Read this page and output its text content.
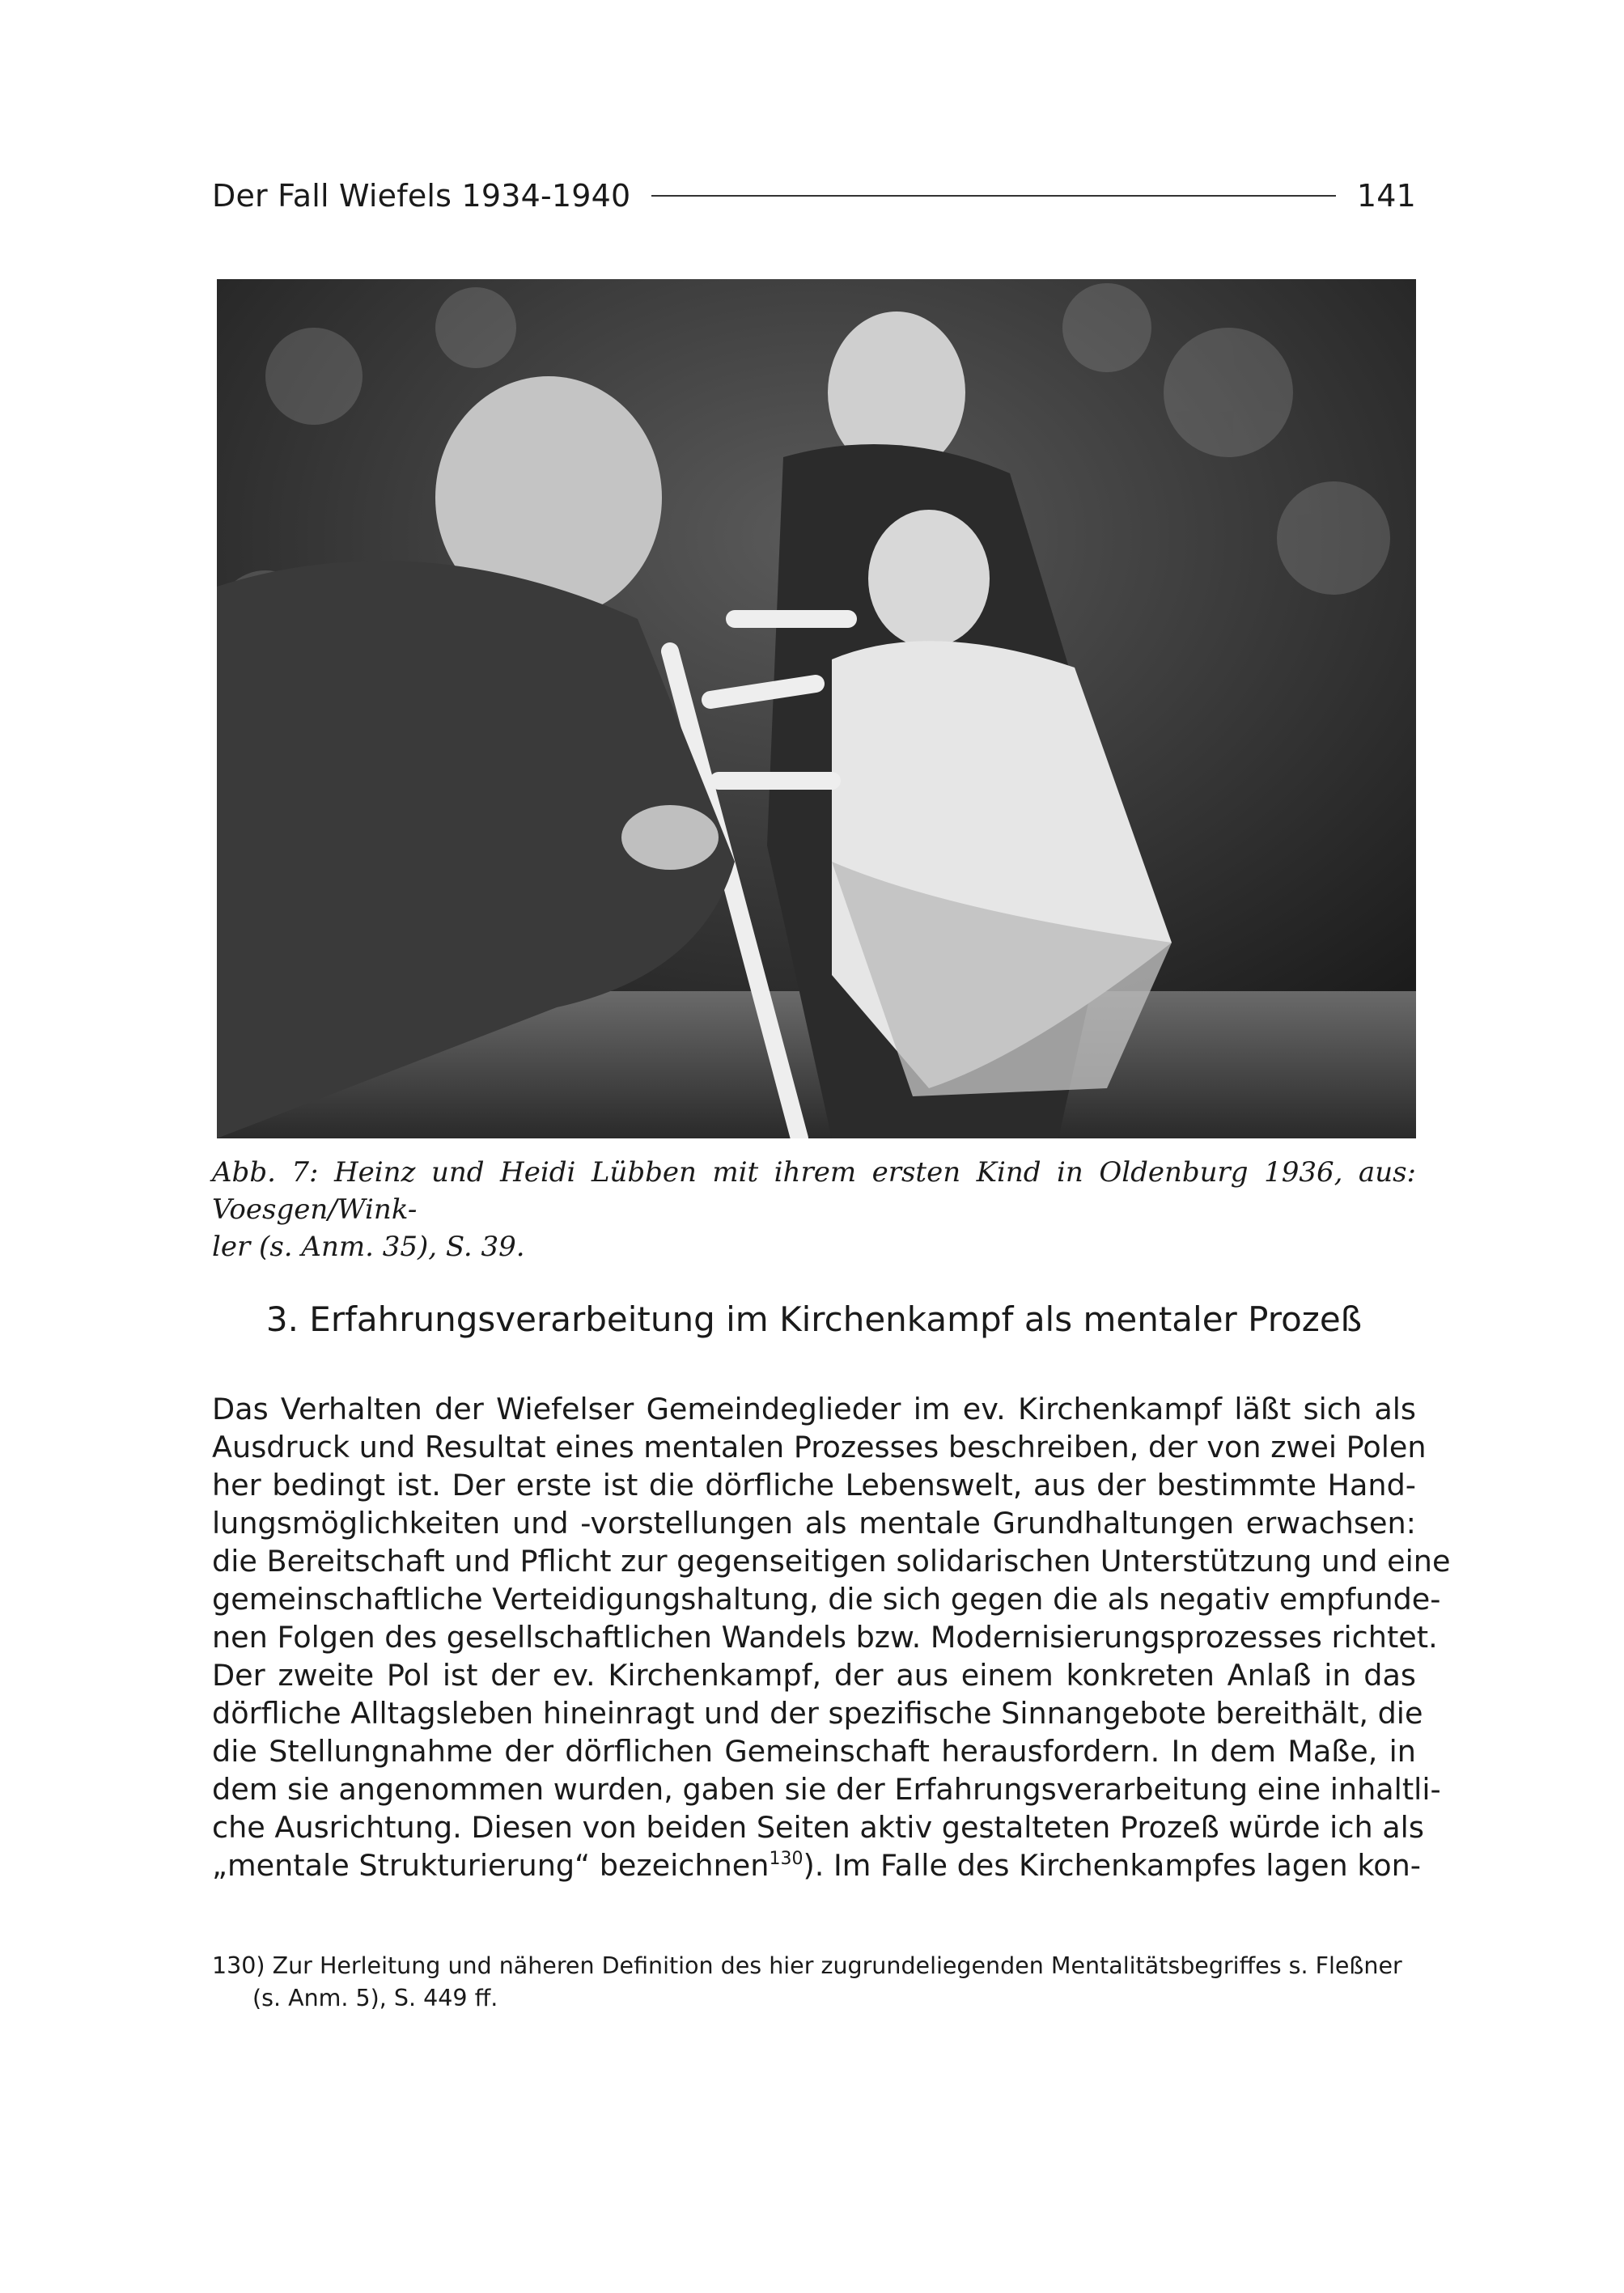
Der Fall Wiefels 1934-1940	141
Abb. 7: Heinz und Heidi Lübben mit ihrem ersten Kind in Oldenburg 1936, aus: Voesgen/Wink-
ler (s. Anm. 35), S. 39.
3. Erfahrungsverarbeitung im Kirchenkampf als mentaler Prozeß
Das Verhalten der Wiefelser Gemeindeglieder im ev. Kirchenkampf läßt sich als
Ausdruck und Resultat eines mentalen Prozesses beschreiben, der von zwei Polen
her bedingt ist. Der erste ist die dörfliche Lebenswelt, aus der bestimmte Hand-
lungsmöglichkeiten und -vorstellungen als mentale Grundhaltungen erwachsen:
die Bereitschaft und Pflicht zur gegenseitigen solidarischen Unterstützung und eine
gemeinschaftliche Verteidigungshaltung, die sich gegen die als negativ empfunde-
nen Folgen des gesellschaftlichen Wandels bzw. Modernisierungsprozesses richtet.
Der zweite Pol ist der ev. Kirchenkampf, der aus einem konkreten Anlaß in das
dörfliche Alltagsleben hineinragt und der spezifische Sinnangebote bereithält, die
die Stellungnahme der dörflichen Gemeinschaft herausfordern. In dem Maße, in
dem sie angenommen wurden, gaben sie der Erfahrungsverarbeitung eine inhaltli-
che Ausrichtung. Diesen von beiden Seiten aktiv gestalteten Prozeß würde ich als
„mentale Strukturierung“ bezeichnen$^{130}$). Im Falle des Kirchenkampfes lagen kon-
130) Zur Herleitung und näheren Definition des hier zugrundeliegenden Mentalitätsbegriffes s. Fleßner
(s. Anm. 5), S. 449 ff.
